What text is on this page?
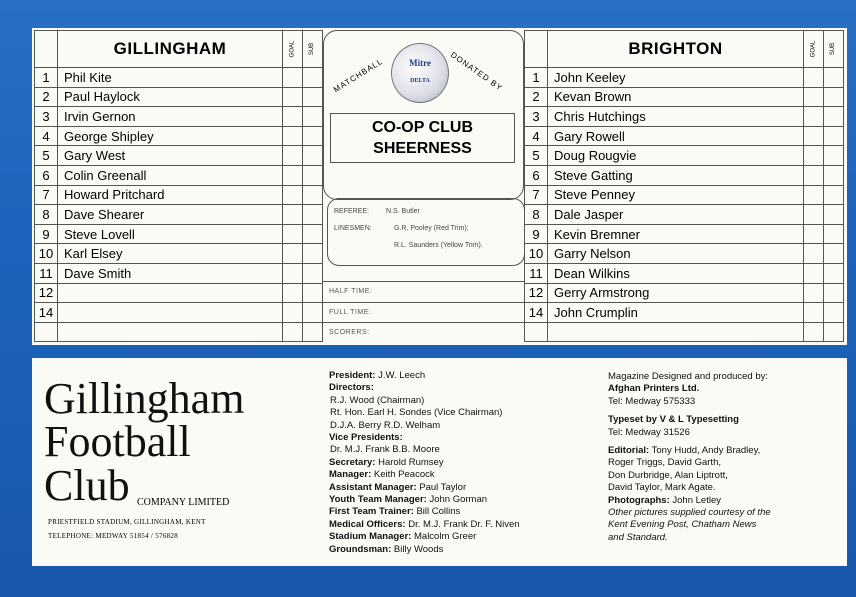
	GILLINGHAM	GOAL	SUB
1	Phil Kite		
2	Paul Haylock		
3	Irvin Gernon		
4	George Shipley		
5	Gary West		
6	Colin Greenall		
7	Howard Pritchard		
8	Dave Shearer		
9	Steve Lovell		
10	Karl Elsey		
11	Dave Smith		
12			
14			

	BRIGHTON	GOAL	SUB
1	John Keeley		
2	Kevan Brown		
3	Chris Hutchings		
4	Gary Rowell		
5	Doug Rougvie		
6	Steve Gatting		
7	Steve Penney		
8	Dale Jasper		
9	Kevin Bremner		
10	Garry Nelson		
11	Dean Wilkins		
12	Gerry Armstrong		
14	John Crumplin		

MATCHBALL	DONATED BY
Mitre
DELTA
CO-OP CLUB
SHEERNESS
REFEREE: N.S. Butler
LINESMEN:	G.R. Pooley (Red Trim);
R.L. Saunders (Yellow Trim).
HALF TIME:
FULL TIME:
SCORERS:
Gillingham
Football
Club COMPANY LIMITED
PRIESTFIELD STADIUM, GILLINGHAM, KENT
TELEPHONE: MEDWAY 51854 / 576828
President: J.W. Leech
Directors:
R.J. Wood (Chairman)
Rt. Hon. Earl H. Sondes (Vice Chairman)
D.J.A. Berry R.D. Welham
Vice Presidents:
Dr. M.J. Frank B.B. Moore
Secretary: Harold Rumsey
Manager: Keith Peacock
Assistant Manager: Paul Taylor
Youth Team Manager: John Gorman
First Team Trainer: Bill Collins
Medical Officers: Dr. M.J. Frank Dr. F. Niven
Stadium Manager: Malcolm Greer
Groundsman: Billy Woods
Magazine Designed and produced by:
Afghan Printers Ltd.
Tel: Medway 575333
Typeset by V & L Typesetting
Tel: Medway 31526
Editorial: Tony Hudd, Andy Bradley,
Roger Triggs, David Garth,
Don Durbridge, Alan Liptrott,
David Taylor, Mark Agate.
Photographs: John Letley
Other pictures supplied courtesy of the
Kent Evening Post, Chatham News
and Standard.
